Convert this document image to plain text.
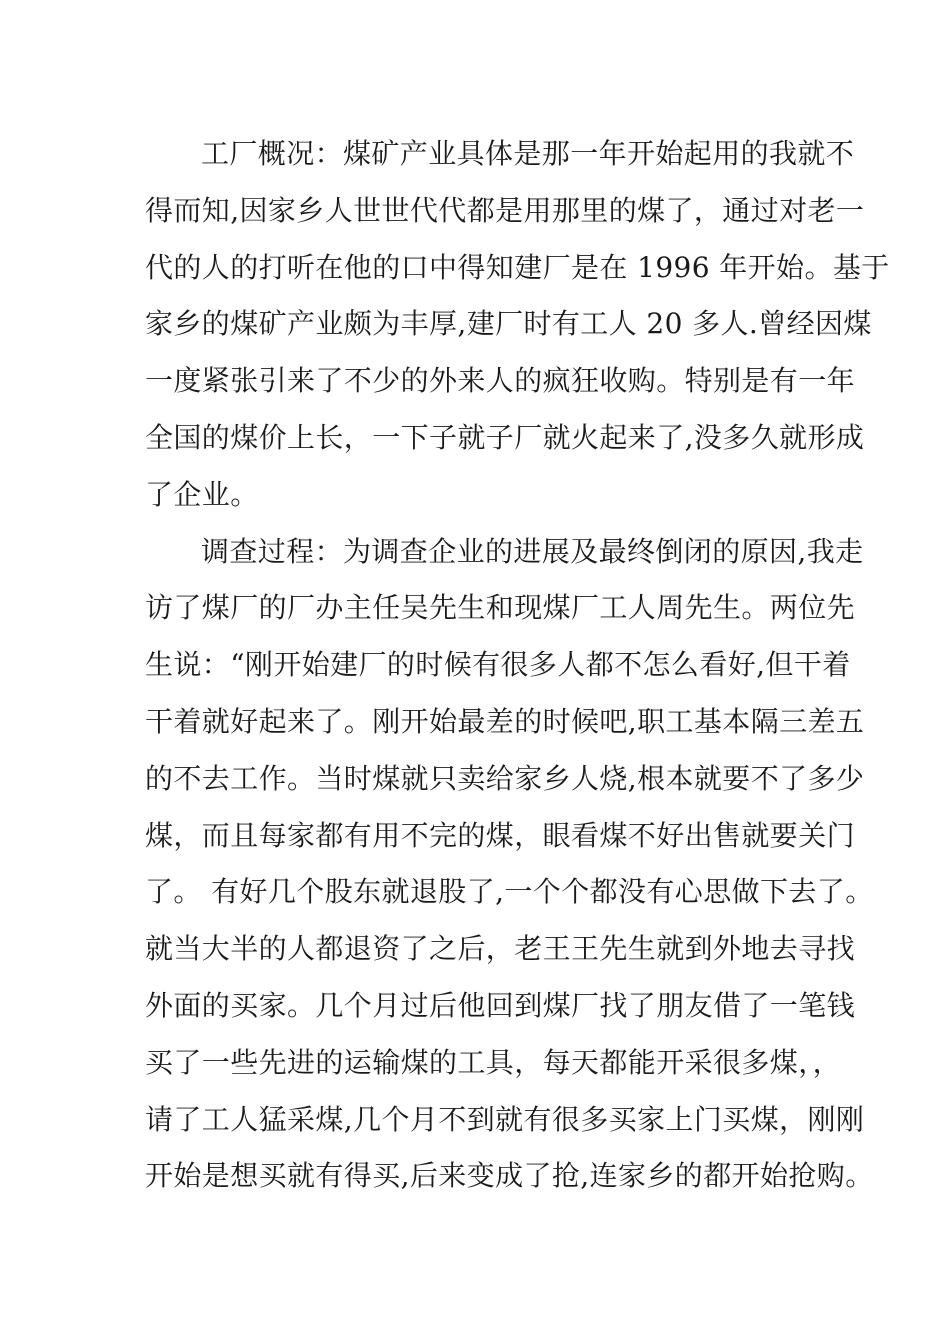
工厂概况：煤矿产业具体是那一年开始起用的我就不
得而知,因家乡人世世代代都是用那里的煤了，通过对老一
代的人的打听在他的口中得知建厂是在 1996 年开始。基于
家乡的煤矿产业颇为丰厚,建厂时有工人 20 多人.曾经因煤
一度紧张引来了不少的外来人的疯狂收购。特别是有一年
全国的煤价上长，一下子就子厂就火起来了,没多久就形成
了企业。
调查过程：为调查企业的进展及最终倒闭的原因,我走
访了煤厂的厂办主任吴先生和现煤厂工人周先生。两位先
生说：“刚开始建厂的时候有很多人都不怎么看好,但干着
干着就好起来了。刚开始最差的时候吧,职工基本隔三差五
的不去工作。当时煤就只卖给家乡人烧,根本就要不了多少
煤，而且每家都有用不完的煤，眼看煤不好出售就要关门
了。 有好几个股东就退股了,一个个都没有心思做下去了。
就当大半的人都退资了之后，老王王先生就到外地去寻找
外面的买家。几个月过后他回到煤厂找了朋友借了一笔钱
买了一些先进的运输煤的工具，每天都能开采很多煤，，
请了工人猛采煤,几个月不到就有很多买家上门买煤，刚刚
开始是想买就有得买,后来变成了抢,连家乡的都开始抢购。
